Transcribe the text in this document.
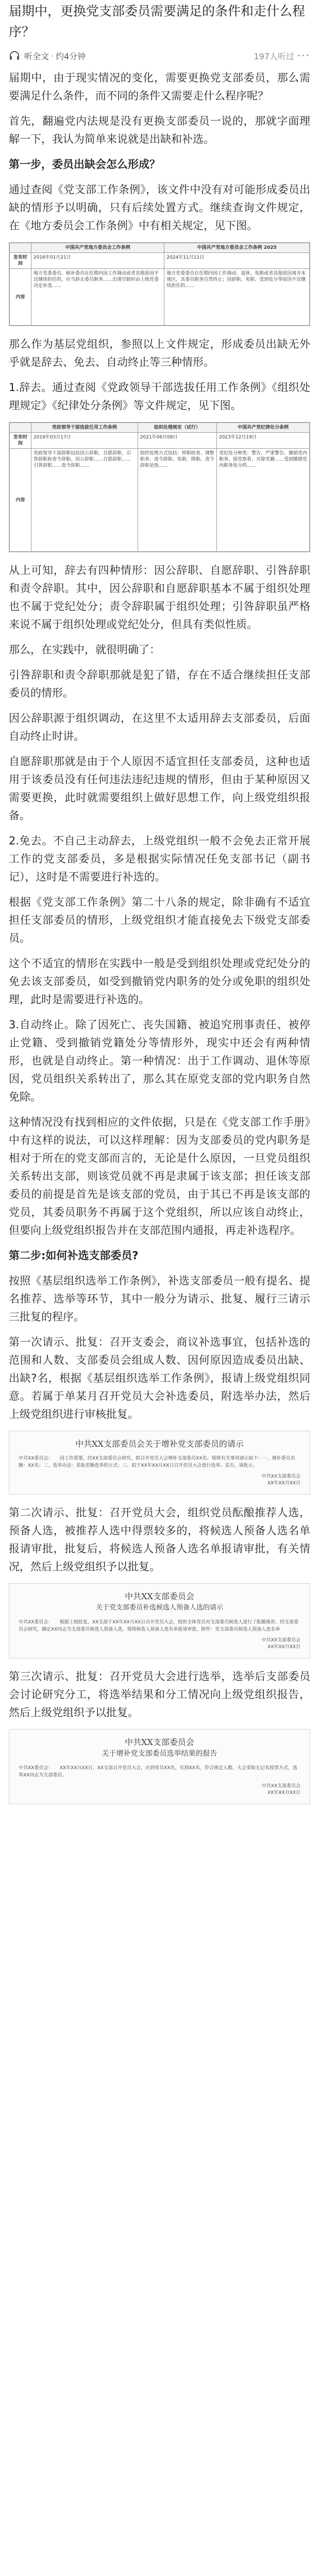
届期中，更换党支部委员需要满足的条件和走什么程序？
听全文 · 约4分钟	197人听过 ···

届期中，由于现实情况的变化，需要更换党支部委员，那么需要满足什么条件，而不同的条件又需要走什么程序呢？

首先，翻遍党内法规是没有更换支部委员一说的，那就字面理解一下，我认为简单来说就是出缺和补选。

第一步，委员出缺会怎么形成？

通过查阅《党支部工作条例》，该文件中没有对可能形成委员出缺的情形予以明确，只有后续处置方式。继续查询文件规定，在《地方委员会工作条例》中有相关规定，见下图。

	中国共产党地方委员会工作条例	中国共产党地方委员会工作条例 2025
发布时间	2016年01月21日	2024年11月11日
内容	地方党委委员、候补委员在任期内因工作调动或者其他原因不宜继续担任的，应当辞去委员职务……出现空缺时由上级党委决定补选……	地方党委委员在任期内因工作调动、退休、免职或者其他原因离开本地区，其委员职务自然终止；因辞职、免职、受到处分等原因不宜继续担任的……

那么作为基层党组织，参照以上文件规定，形成委员出缺无外乎就是辞去、免去、自动终止等三种情形。

1.辞去。通过查阅《党政领导干部选拔任用工作条例》《组织处理规定》《纪律处分条例》等文件规定，见下图。

	党政领导干部选拔任用工作条例	组织处理规定（试行）	中国共产党纪律处分条例
发布时间	2019年03月17日	2021年06月08日	2023年12月19日
内容	党政领导干部辞职包括因公辞职、自愿辞职、引咎辞职和责令辞职。因公辞职……自愿辞职……引咎辞职……责令辞职……	组织处理方式包括：停职检查、调整职务、责令辞职、免职、降职。责令辞职是指……	党纪处分种类：警告、严重警告、撤销党内职务、留党察看、开除党籍……受到撤销党内职务处分的……

从上可知，辞去有四种情形：因公辞职、自愿辞职、引咎辞职和责令辞职。其中，因公辞职和自愿辞职基本不属于组织处理也不属于党纪处分；责令辞职属于组织处理；引咎辞职虽严格来说不属于组织处理或党纪处分，但具有类似性质。

那么，在实践中，就很明确了：

引咎辞职和责令辞职那就是犯了错，存在不适合继续担任支部委员的情形。

因公辞职源于组织调动，在这里不太适用辞去支部委员，后面自动终止时讲。

自愿辞职那就是由于个人原因不适宜担任支部委员，这种也适用于该委员没有任何违法违纪违规的情形，但由于某种原因又需要更换，此时就需要组织上做好思想工作，向上级党组织报备。

2.免去。不自己主动辞去，上级党组织一般不会免去正常开展工作的党支部委员，多是根据实际情况任免支部书记（副书记），这时是不需要进行补选的。

根据《党支部工作条例》第二十八条的规定，除非确有不适宜担任支部委员的情形，上级党组织才能直接免去下级党支部委员。

这个不适宜的情形在实践中一般是受到组织处理或党纪处分的免去该支部委员，如受到撤销党内职务的处分或免职的组织处理，此时是需要进行补选的。

3.自动终止。除了因死亡、丧失国籍、被追究刑事责任、被停止党籍、受到撤销党籍处分等情形外，现实中还会有两种情形，也就是自动终止。第一种情况：出于工作调动、退休等原因，党员组织关系转出了，那么其在原党支部的党内职务自然免除。

这种情况没有找到相应的文件依据，只是在《党支部工作手册》中有这样的说法，可以这样理解：因为支部委员的党内职务是相对于所在的党支部而言的，无论是什么原因，一旦党员组织关系转出支部，则该党员就不再是隶属于该支部；担任该支部委员的前提是首先是该支部的党员，由于其已不再是该支部的党员，其委员职务不再属于这个党组织，所以应该自动终止，但要向上级党组织报告并在支部范围内通报，再走补选程序。

第二步:如何补选支部委员?

按照《基层组织选举工作条例》，补选支部委员一般有提名、提名推荐、选举等环节，其中一般分为请示、批复、履行三请示三批复的程序。

第一次请示、批复：召开支委会，商议补选事宜，包括补选的范围和人数、支部委员会组成人数、因何原因造成委员出缺、出缺?名，根据《基层组织选举工作条例》，报请上级党组织同意。若属于单某月召开党员大会补选委员，附选举办法，然后上级党组织进行审核批复。

中共XX支部委员会关于增补党支部委员的请示
中共XX委员会：　　因工作需要，经XX支部委员会研究，拟召开党员大会增补支部委员XX名。现将有关事项请示如下：一、增补委员名额：XX名；二、选举办法：采取差额选举的方式；三、拟于XX年XX月XX日召开党员大会进行选举。妥否，请批示。
中共XX支部委员会
XX年XX月XX日

第二次请示、批复：召开党员大会，组织党员酝酿推荐人选，预备人选，被推荐人选中得票较多的，将候选人预备人选名单报请审批，批复后，将候选人预备人选名单报请审批，有关情况，然后上级党组织予以批复。

中共XX支部委员会
关于党支部委员补选候选人预备人选的请示
中共XX委员会：　　根据上级批复，XX支部于XX年XX月XX日召开党员大会，组织全体党员对支部委员候选人进行了酝酿推荐。经支部委员会研究，确定XX同志为支部委员候选人预备人选。现将候选人预备人选名单报请审批。附件：党支部委员候选人预备人选名单
中共XX支部委员会
XX年XX月XX日

第三次请示、批复：召开党员大会进行选举，选举后支部委员会讨论研究分工，将选举结果和分工情况向上级党组织报告，然后上级党组织予以批复。

中共XX支部委员会
关于增补党支部委员选举结果的报告
中共XX委员会：　　XX年XX月XX日，XX支部召开党员大会，应到党员XX名，实到XX名，符合规定人数。大会采取无记名投票方式，选举XX同志为支部委员。
中共XX支部委员会
XX年XX月XX日
